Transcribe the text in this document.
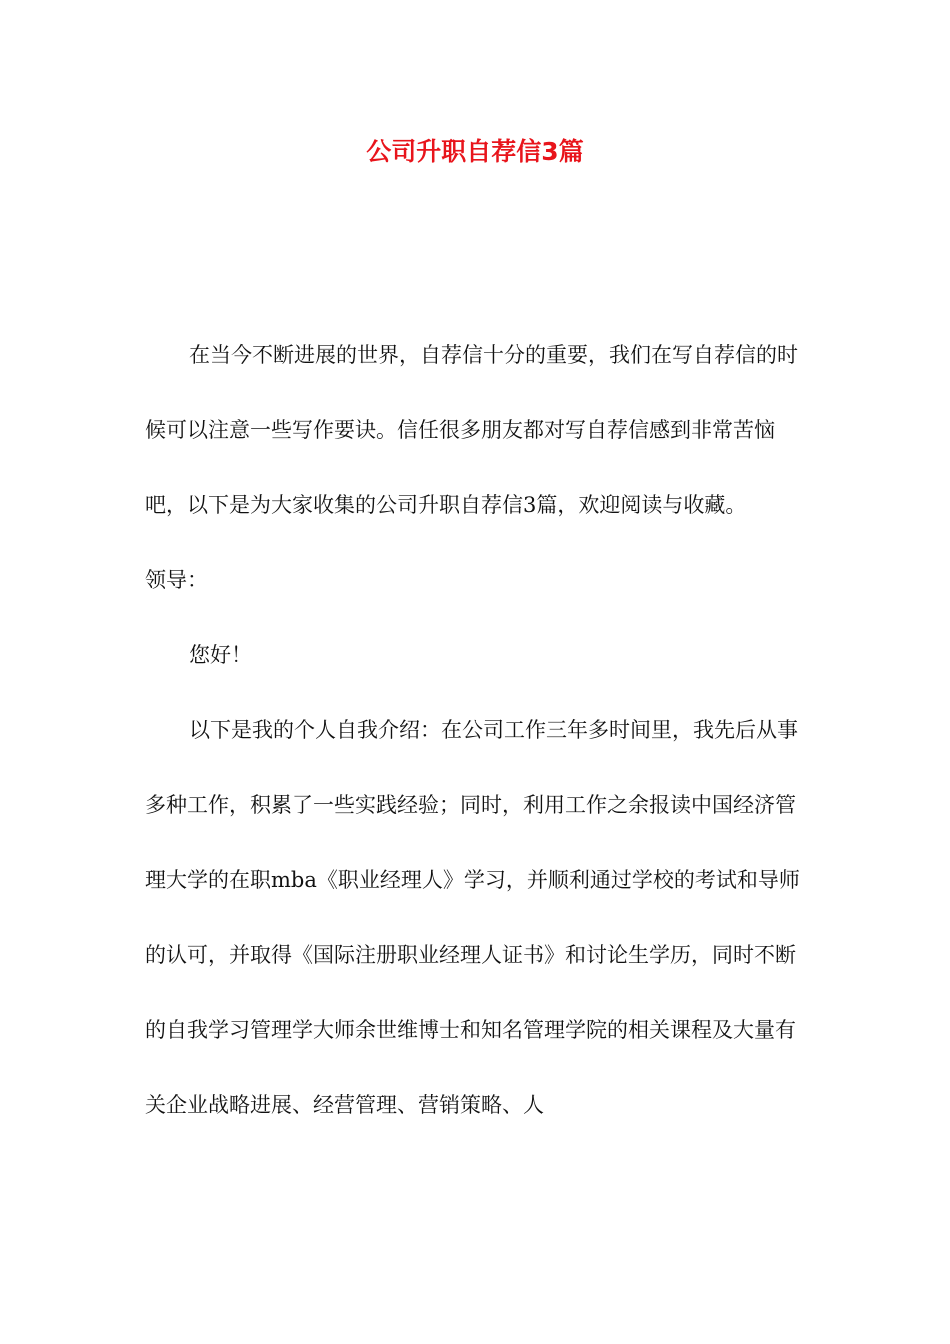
公司升职自荐信3篇

在当今不断进展的世界，自荐信十分的重要，我们在写自荐信的时候可以注意一些写作要诀。信任很多朋友都对写自荐信感到非常苦恼吧，以下是为大家收集的公司升职自荐信3篇，欢迎阅读与收藏。

领导：

您好！

以下是我的个人自我介绍：在公司工作三年多时间里，我先后从事多种工作，积累了一些实践经验；同时，利用工作之余报读中国经济管理大学的在职mba《职业经理人》学习，并顺利通过学校的考试和导师的认可，并取得《国际注册职业经理人证书》和讨论生学历，同时不断的自我学习管理学大师余世维博士和知名管理学院的相关课程及大量有关企业战略进展、经营管理、营销策略、人
